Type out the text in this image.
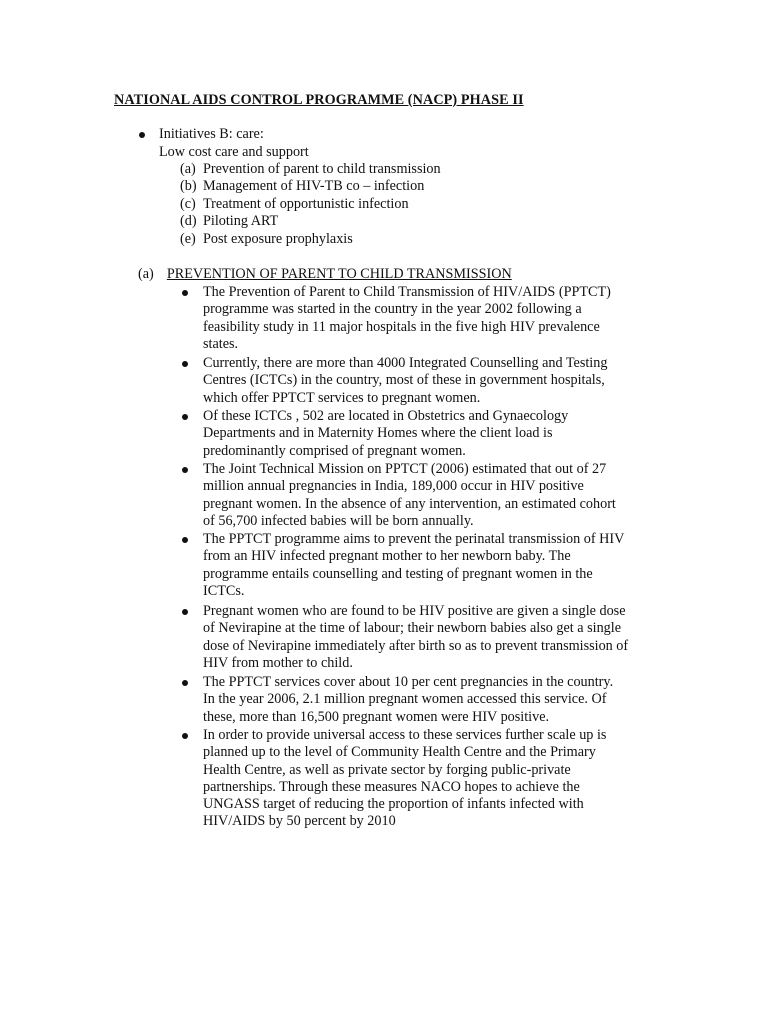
NATIONAL AIDS CONTROL PROGRAMME (NACP) PHASE II
Initiatives B: care:
Low cost care and support
(a) Prevention of parent to child transmission
(b) Management of HIV-TB co – infection
(c) Treatment of opportunistic infection
(d) Piloting ART
(e) Post exposure prophylaxis
(a) PREVENTION OF PARENT TO CHILD TRANSMISSION
The Prevention of Parent to Child Transmission of HIV/AIDS (PPTCT)
programme was started in the country in the year 2002 following a
feasibility study in 11 major hospitals in the five high HIV prevalence
states.
Currently, there are more than 4000 Integrated Counselling and Testing
Centres (ICTCs) in the country, most of these in government hospitals,
which offer PPTCT services to pregnant women.
Of these ICTCs , 502 are located in Obstetrics and Gynaecology
Departments and in Maternity Homes where the client load is
predominantly comprised of pregnant women.
The Joint Technical Mission on PPTCT (2006) estimated that out of 27
million annual pregnancies in India, 189,000 occur in HIV positive
pregnant women. In the absence of any intervention, an estimated cohort
of 56,700 infected babies will be born annually.
The PPTCT programme aims to prevent the perinatal transmission of HIV
from an HIV infected pregnant mother to her newborn baby. The
programme entails counselling and testing of pregnant women in the
ICTCs.
Pregnant women who are found to be HIV positive are given a single dose
of Nevirapine at the time of labour; their newborn babies also get a single
dose of Nevirapine immediately after birth so as to prevent transmission of
HIV from mother to child.
The PPTCT services cover about 10 per cent pregnancies in the country.
In the year 2006, 2.1 million pregnant women accessed this service. Of
these, more than 16,500 pregnant women were HIV positive.
In order to provide universal access to these services further scale up is
planned up to the level of Community Health Centre and the Primary
Health Centre, as well as private sector by forging public-private
partnerships. Through these measures NACO hopes to achieve the
UNGASS target of reducing the proportion of infants infected with
HIV/AIDS by 50 percent by 2010
